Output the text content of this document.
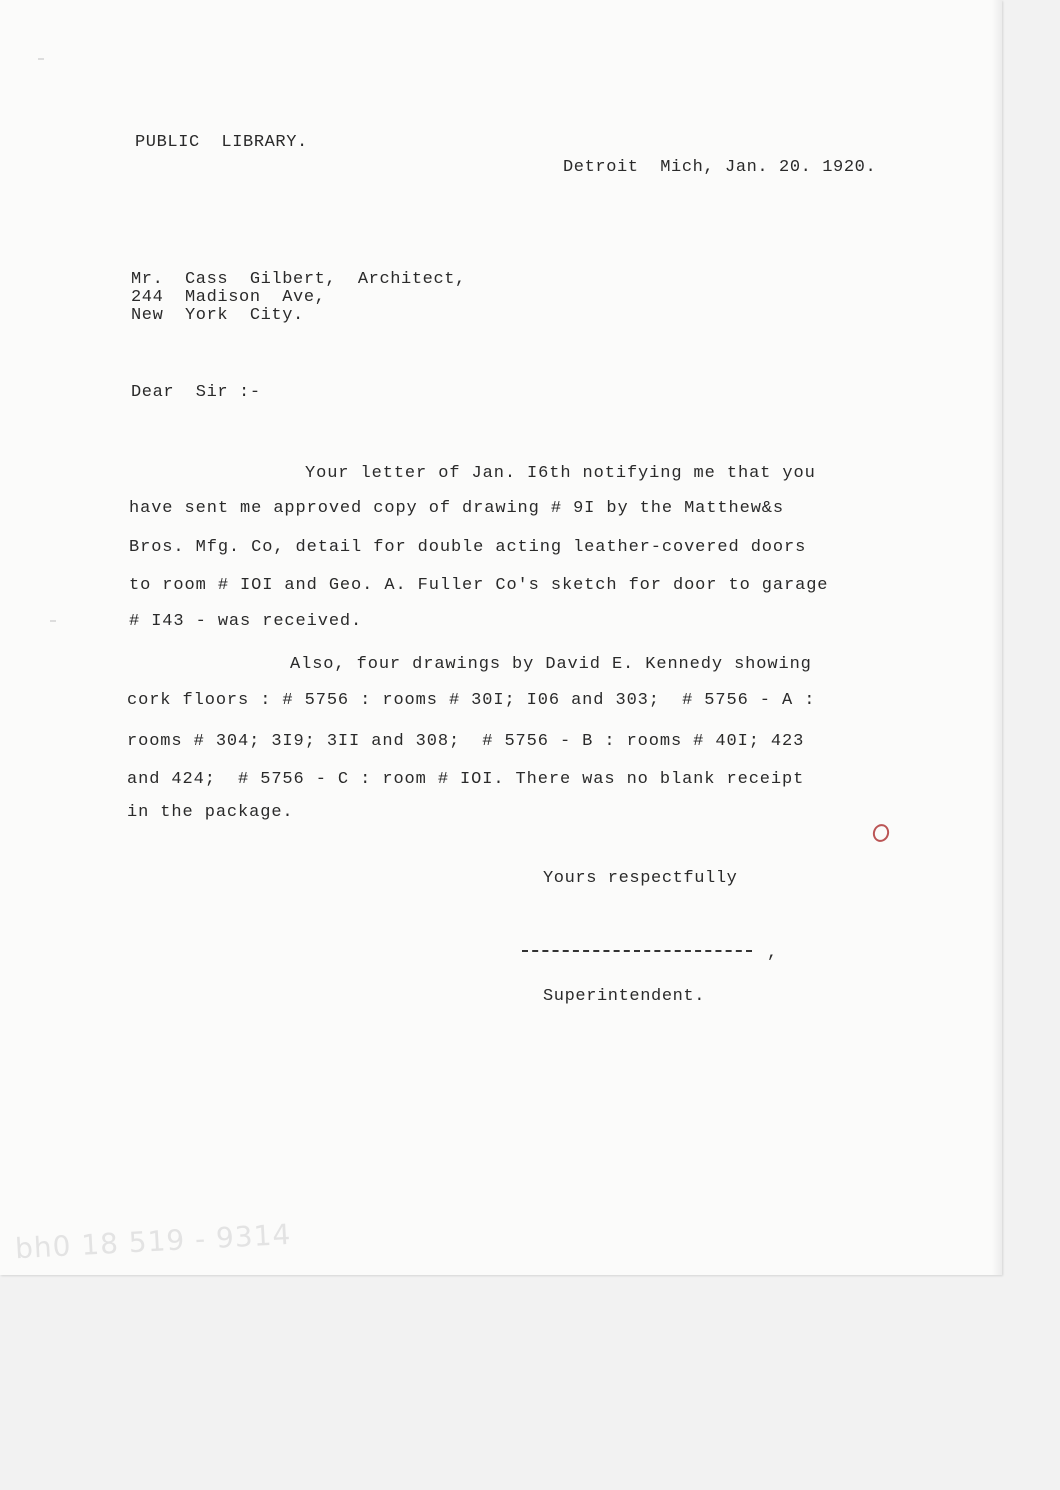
PUBLIC  LIBRARY.

Detroit  Mich, Jan. 20. 1920.

Mr.  Cass  Gilbert,  Architect,

244  Madison  Ave,

New  York  City.

Dear  Sir :-

Your letter of Jan. I6th notifying me that you

have sent me approved copy of drawing # 9I by the Matthew&s

Bros. Mfg. Co, detail for double acting leather-covered doors

to room # IOI and Geo. A. Fuller Co's sketch for door to garage

# I43 - was received.

Also, four drawings by David E. Kennedy showing

cork floors : # 5756 : rooms # 30I; I06 and 303;  # 5756 - A :

rooms # 304; 3I9; 3II and 308;  # 5756 - B : rooms # 40I; 423

and 424;  # 5756 - C : room # IOI. There was no blank receipt

in the package.

Yours respectfully

,

Superintendent.

bh0 18 519 - 9314
